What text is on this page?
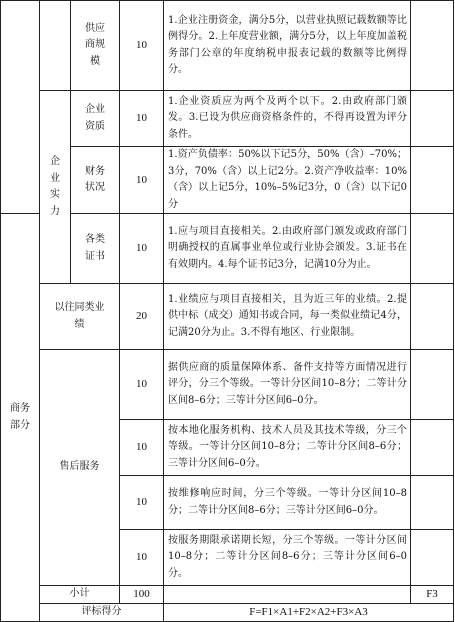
		供应商规模	10	1.企业注册资金，满分5分，以营业执照记载数额等比例得分。2.上年度营业额，满分5分，以上年度加盖税务部门公章的年度纳税申报表记载的数额等比例得分。		

	企业实力	企业资质	10	1.企业资质应为两个及两个以下。2.由政府部门颁发。3.已设为供应商资格条件的，不得再设置为评分条件。		

		财务状况	10	1.资产负债率：50%以下记5分，50%（含）–70%；3分，70%（含）以上记2分。2.资产净收益率：10%（含）以上记5分，10%–5%记3分，0（含）以下记0分		

商务部分		各类证书	10	1.应与项目直接相关。2.由政府部门颁发或政府部门明确授权的直属事业单位或行业协会颁发。3.证书在有效期内。4.每个证书记3分，记满10分为止。		

	以往同类业绩		20	1.业绩应与项目直接相关，且为近三年的业绩。2.提供中标（成交）通知书或合同，每一类似业绩记4分，记满20分为止。3.不得有地区、行业限制。		

	售后服务		10	据供应商的质量保障体系、备件支持等方面情况进行评分，分三个等级。一等计分区间10–8分；二等计分区间8–6分；三等计分区间6–0分。		
			10	按本地化服务机构、技术人员及其技术等级，分三个等级。一等计分区间10–8分；二等计分区间8–6分；三等计分区间6–0分。		
			10	按维修响应时间，分三个等级。一等计分区间10–8分；二等计分区间8–6分；三等计分区间6–0分。		
			10	按服务期限承诺期长短，分三个等级。一等计分区间10–8分；二等计分区间8–6分；三等计分区间6–0分。		
	小计		100		F3	
	评标得分			F=F1×A1+F2×A2+F3×A3	
